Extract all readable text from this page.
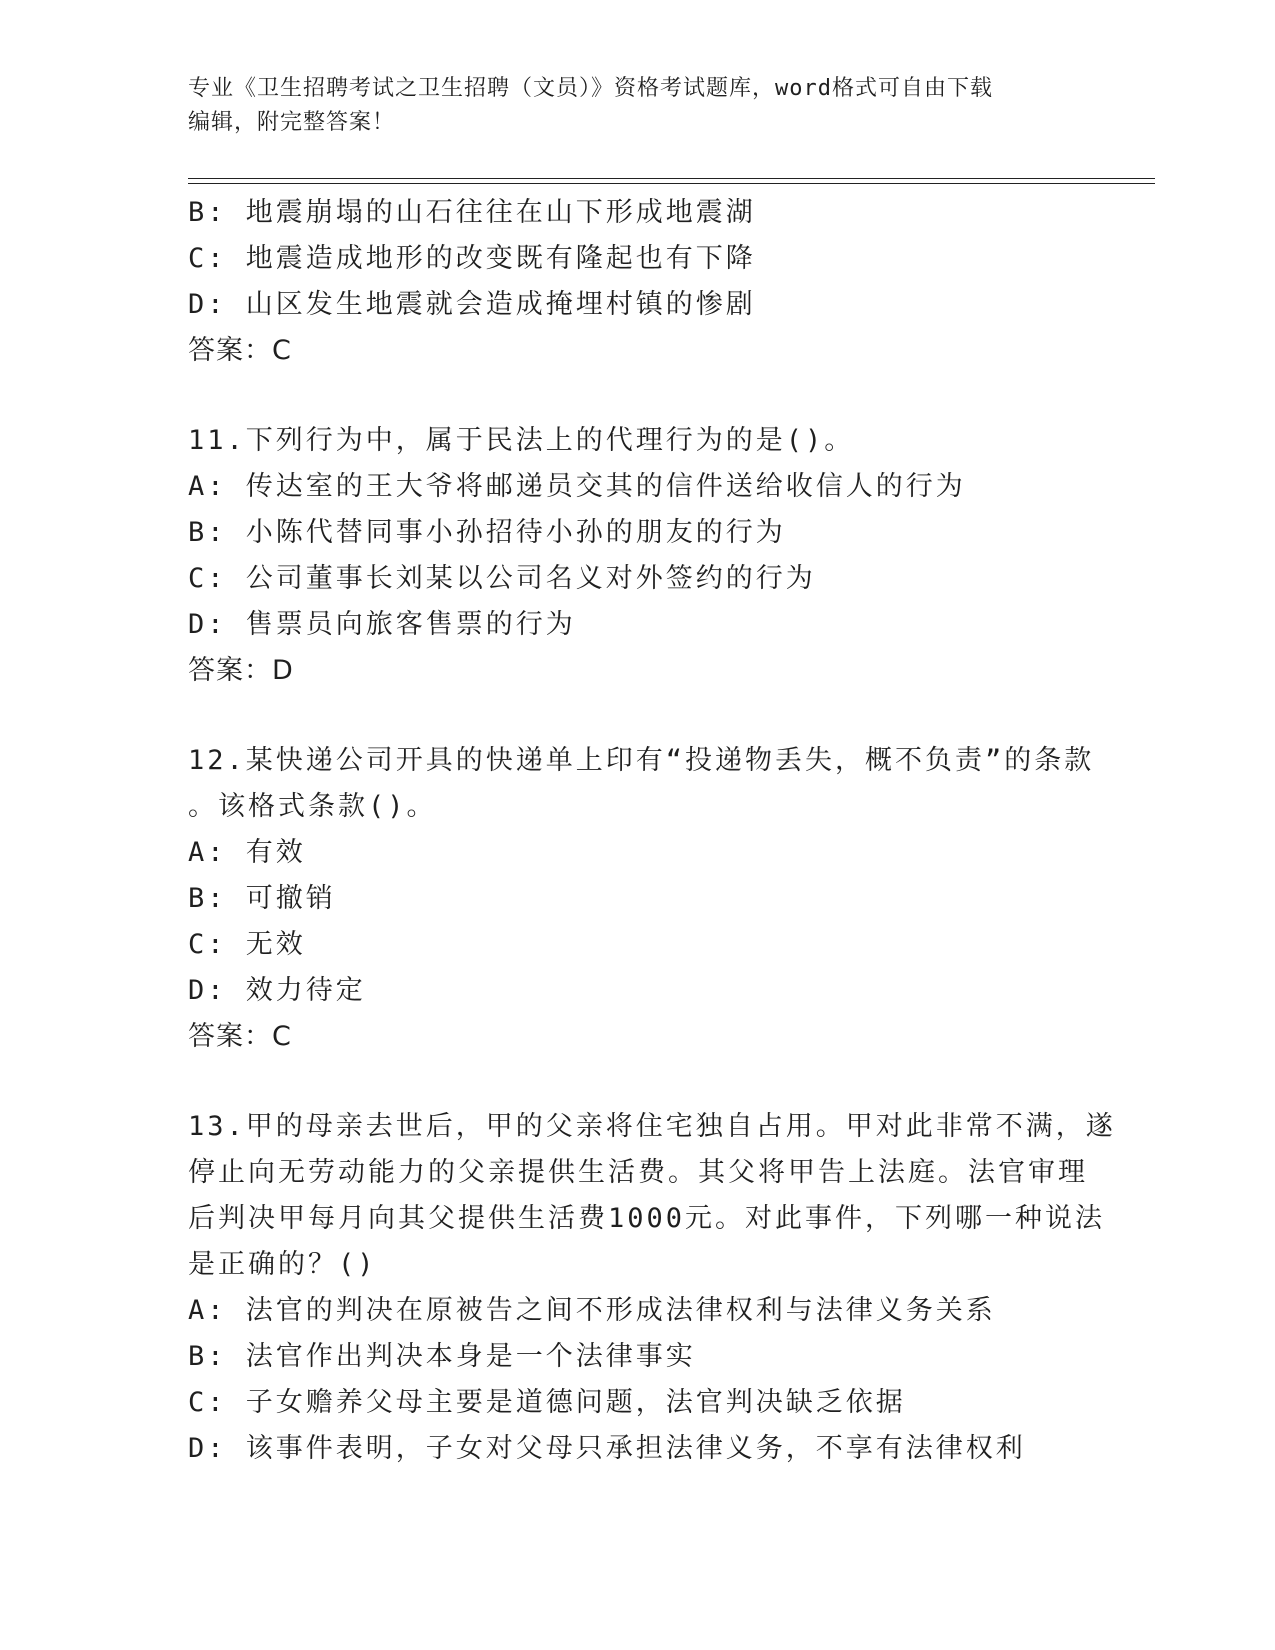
专业《卫生招聘考试之卫生招聘（文员）》资格考试题库，word格式可自由下载
编辑，附完整答案！
B: 地震崩塌的山石往往在山下形成地震湖
C: 地震造成地形的改变既有隆起也有下降
D: 山区发生地震就会造成掩埋村镇的惨剧
答案：C
11.下列行为中，属于民法上的代理行为的是()。
A: 传达室的王大爷将邮递员交其的信件送给收信人的行为
B: 小陈代替同事小孙招待小孙的朋友的行为
C: 公司董事长刘某以公司名义对外签约的行为
D: 售票员向旅客售票的行为
答案：D
12.某快递公司开具的快递单上印有“投递物丢失，概不负责”的条款
。该格式条款()。
A: 有效
B: 可撤销
C: 无效
D: 效力待定
答案：C
13.甲的母亲去世后，甲的父亲将住宅独自占用。甲对此非常不满，遂
停止向无劳动能力的父亲提供生活费。其父将甲告上法庭。法官审理
后判决甲每月向其父提供生活费1000元。对此事件，下列哪一种说法
是正确的？()
A: 法官的判决在原被告之间不形成法律权利与法律义务关系
B: 法官作出判决本身是一个法律事实
C: 子女赡养父母主要是道德问题，法官判决缺乏依据
D: 该事件表明，子女对父母只承担法律义务，不享有法律权利
